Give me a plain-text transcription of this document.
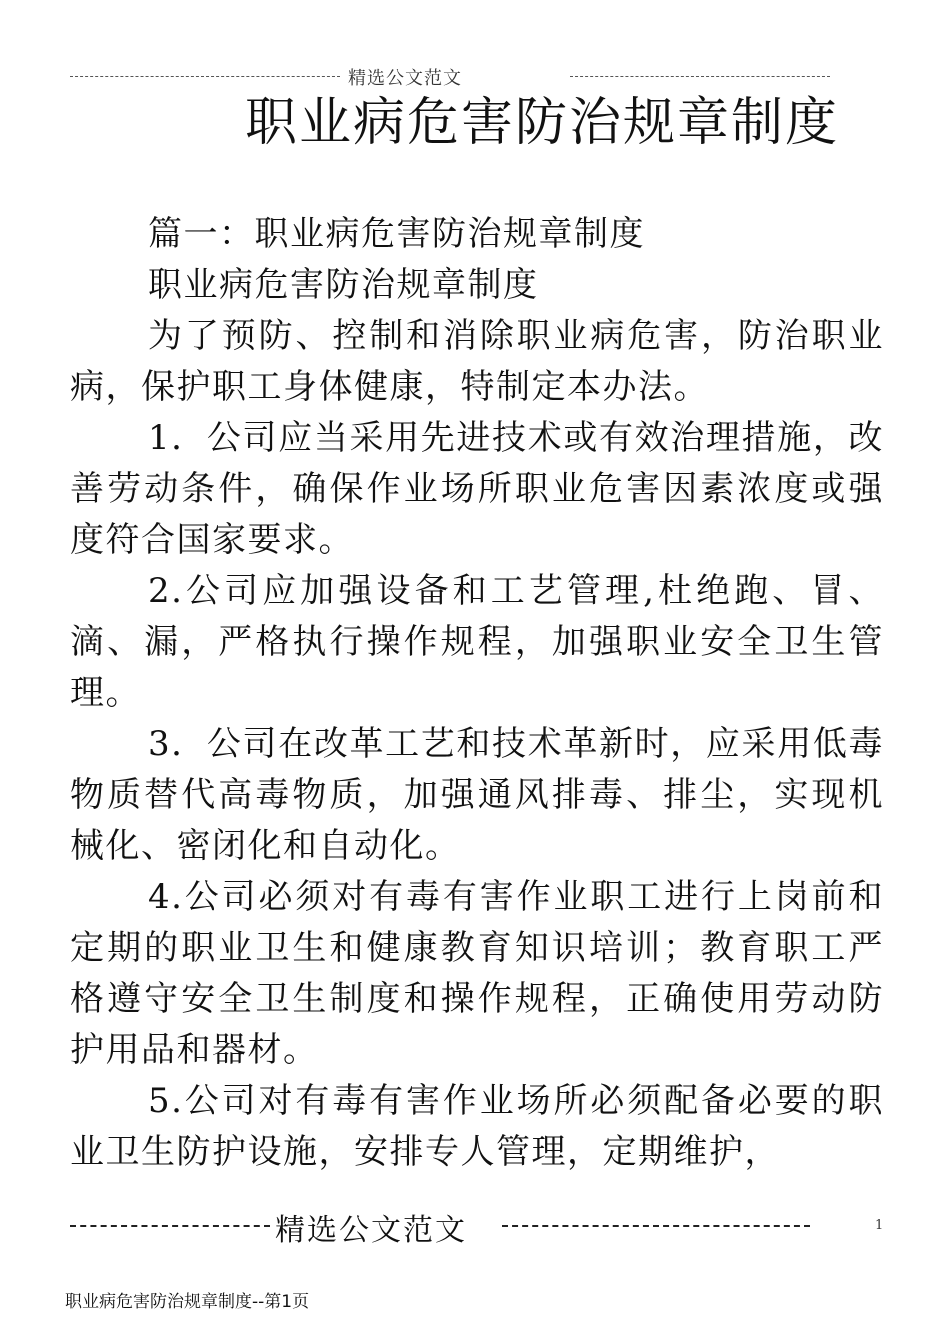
精选公文范文
职业病危害防治规章制度

篇一：职业病危害防治规章制度

职业病危害防治规章制度

为了预防、控制和消除职业病危害，防治职业病，保护职工身体健康，特制定本办法。

1．公司应当采用先进技术或有效治理措施，改善劳动条件，确保作业场所职业危害因素浓度或强度符合国家要求。

2.公司应加强设备和工艺管理,杜绝跑、冒、滴、漏，严格执行操作规程，加强职业安全卫生管理。

3．公司在改革工艺和技术革新时，应采用低毒物质替代高毒物质，加强通风排毒、排尘，实现机械化、密闭化和自动化。

4.公司必须对有毒有害作业职工进行上岗前和定期的职业卫生和健康教育知识培训；教育职工严格遵守安全卫生制度和操作规程，正确使用劳动防护用品和器材。

5.公司对有毒有害作业场所必须配备必要的职业卫生防护设施，安排专人管理，定期维护，

精选公文范文	1
职业病危害防治规章制度--第1页
